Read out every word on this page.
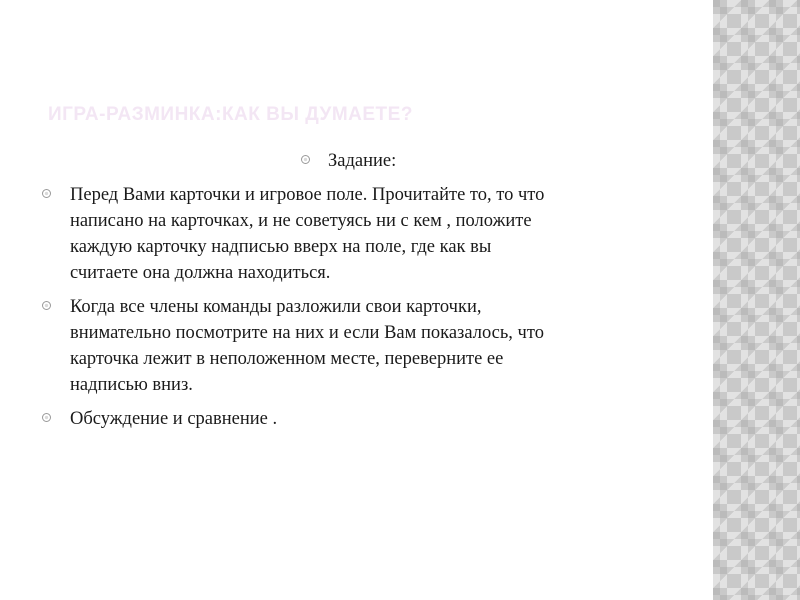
ИГРА-РАЗМИНКА:КАК ВЫ ДУМАЕТЕ?
Задание:
Перед Вами карточки и игровое поле. Прочитайте то, то что
написано на карточках, и не советуясь ни с кем , положите
каждую карточку надписью вверх на поле, где как вы
считаете она должна находиться.
Когда все члены команды разложили свои карточки,
внимательно посмотрите на них и если Вам показалось, что
карточка лежит в неположенном месте, переверните ее
надписью вниз.
Обсуждение и сравнение .
